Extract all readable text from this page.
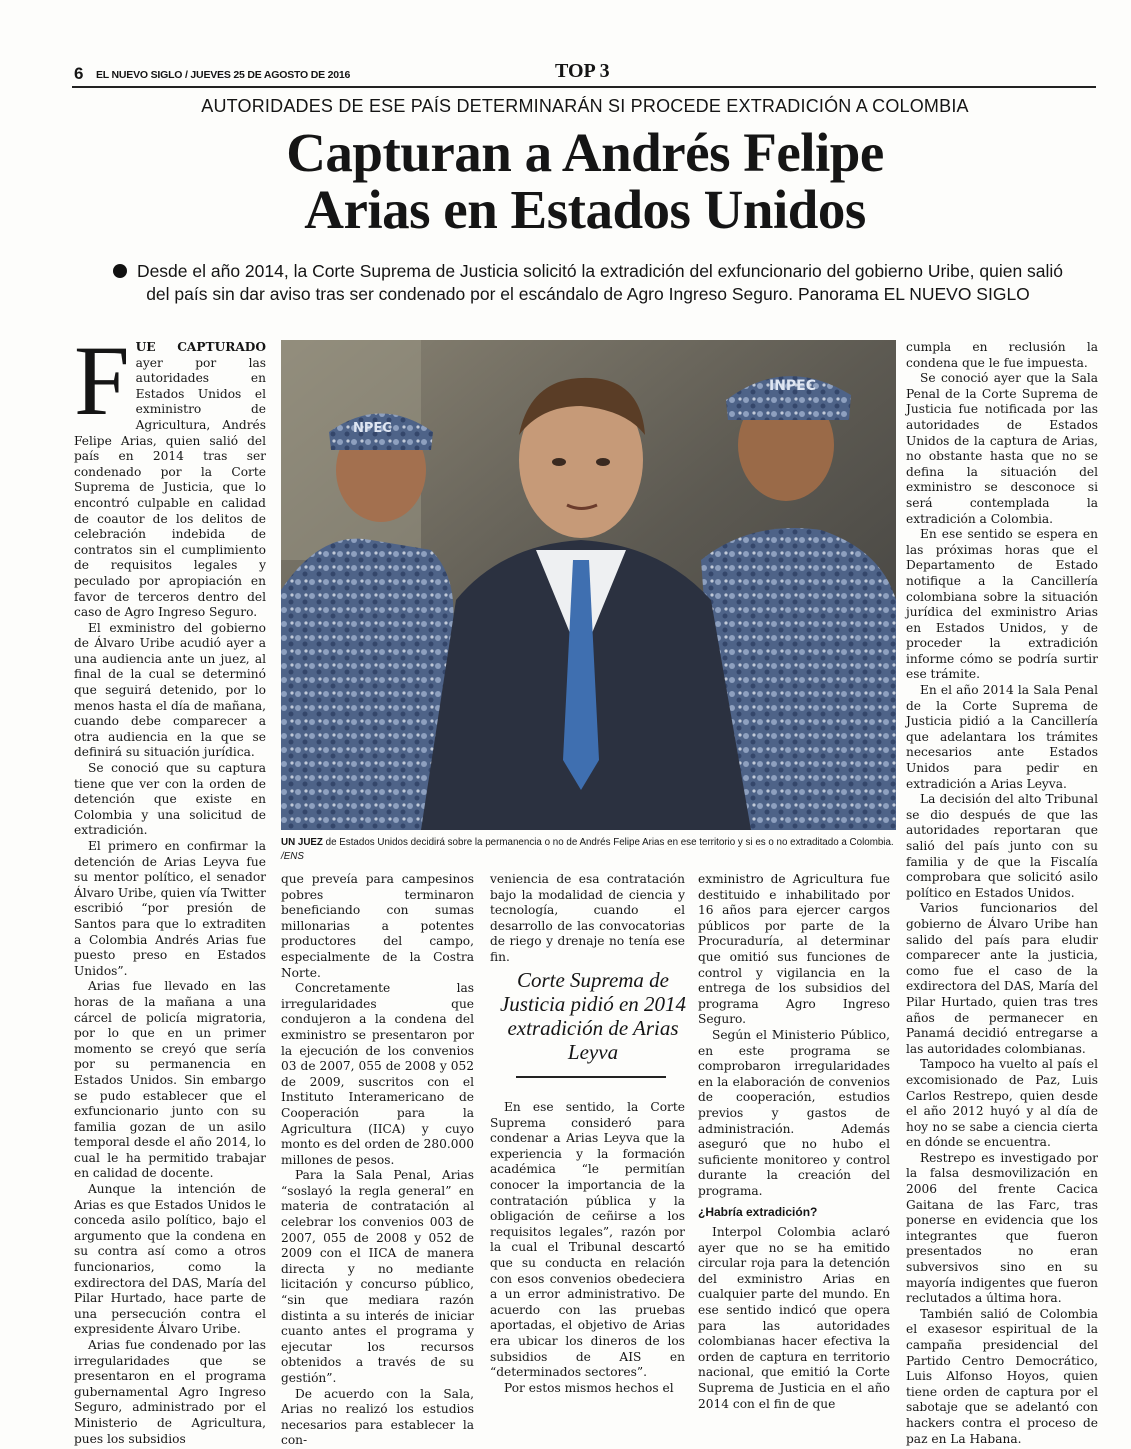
6 EL NUEVO SIGLO / JUEVES 25 DE AGOSTO DE 2016	TOP 3
AUTORIDADES DE ESE PAÍS DETERMINARÁN SI PROCEDE EXTRADICIÓN A COLOMBIA
Capturan a Andrés Felipe
Arias en Estados Unidos
Desde el año 2014, la Corte Suprema de Justicia solicitó la extradición del exfuncionario del gobierno Uribe, quien salió
del país sin dar aviso tras ser condenado por el escándalo de Agro Ingreso Seguro. Panorama EL NUEVO SIGLO

FUE CAPTURADO ayer por las autoridades en Estados Unidos el exministro de Agricultura, Andrés Felipe Arias, quien salió del país en 2014 tras ser condenado por la Corte Suprema de Justicia, que lo encontró culpable en calidad de coautor de los delitos de celebración indebida de contratos sin el cumplimiento de requisitos legales y peculado por apropiación en favor de terceros dentro del caso de Agro Ingreso Seguro.

El exministro del gobierno de Álvaro Uribe acudió ayer a una audiencia ante un juez, al final de la cual se determinó que seguirá detenido, por lo menos hasta el día de mañana, cuando debe comparecer a otra audiencia en la que se definirá su situación jurídica.

Se conoció que su captura tiene que ver con la orden de detención que existe en Colombia y una solicitud de extradición.

El primero en confirmar la detención de Arias Leyva fue su mentor político, el senador Álvaro Uribe, quien vía Twitter escribió “por presión de Santos para que lo extraditen a Colombia Andrés Arias fue puesto preso en Estados Unidos”.

Arias fue llevado en las horas de la mañana a una cárcel de policía migratoria, por lo que en un primer momento se creyó que sería por su permanencia en Estados Unidos. Sin embargo se pudo establecer que el exfuncionario junto con su familia gozan de un asilo temporal desde el año 2014, lo cual le ha permitido trabajar en calidad de docente.

Aunque la intención de Arias es que Estados Unidos le conceda asilo político, bajo el argumento que la condena en su contra así como a otros funcionarios, como la exdirectora del DAS, María del Pilar Hurtado, hace parte de una persecución contra el expresidente Álvaro Uribe.

Arias fue condenado por las irregularidades que se presentaron en el programa gubernamental Agro Ingreso Seguro, administrado por el Ministerio de Agricultura, pues los subsidios

NPEC
INPEC
UN JUEZ de Estados Unidos decidirá sobre la permanencia o no de Andrés Felipe Arias en ese territorio y si es o no extraditado a Colombia. /ENS

que preveía para campesinos pobres terminaron beneficiando con sumas millonarias a potentes productores del campo, especialmente de la Costra Norte.

Concretamente las irregularidades que condujeron a la condena del exministro se presentaron por la ejecución de los convenios 03 de 2007, 055 de 2008 y 052 de 2009, suscritos con el Instituto Interamericano de Cooperación para la Agricultura (IICA) y cuyo monto es del orden de 280.000 millones de pesos.

Para la Sala Penal, Arias “soslayó la regla general” en materia de contratación al celebrar los convenios 003 de 2007, 055 de 2008 y 052 de 2009 con el IICA de manera directa y no mediante licitación y concurso público, “sin que mediara razón distinta a su interés de iniciar cuanto antes el programa y ejecutar los recursos obtenidos a través de su gestión”.

De acuerdo con la Sala, Arias no realizó los estudios necesarios para establecer la con-

veniencia de esa contratación bajo la modalidad de ciencia y tecnología, cuando el desarrollo de las convocatorias de riego y drenaje no tenía ese fin.

Corte Suprema de Justicia pidió en 2014 extradición de Arias Leyva

En ese sentido, la Corte Suprema consideró para condenar a Arias Leyva que la experiencia y la formación académica “le permitían conocer la importancia de la contratación pública y la obligación de ceñirse a los requisitos legales”, razón por la cual el Tribunal descartó que su conducta en relación con esos convenios obedeciera a un error administrativo. De acuerdo con las pruebas aportadas, el objetivo de Arias era ubicar los dineros de los subsidios de AIS en “determinados sectores”.

Por estos mismos hechos el

exministro de Agricultura fue destituido e inhabilitado por 16 años para ejercer cargos públicos por parte de la Procuraduría, al determinar que omitió sus funciones de control y vigilancia en la entrega de los subsidios del programa Agro Ingreso Seguro.

Según el Ministerio Público, en este programa se comprobaron irregularidades en la elaboración de convenios de cooperación, estudios previos y gastos de administración. Además aseguró que no hubo el suficiente monitoreo y control durante la creación del programa.

¿Habría extradición?

Interpol Colombia aclaró ayer que no se ha emitido circular roja para la detención del exministro Arias en cualquier parte del mundo. En ese sentido indicó que opera para las autoridades colombianas hacer efectiva la orden de captura en territorio nacional, que emitió la Corte Suprema de Justicia en el año 2014 con el fin de que

cumpla en reclusión la condena que le fue impuesta.

Se conoció ayer que la Sala Penal de la Corte Suprema de Justicia fue notificada por las autoridades de Estados Unidos de la captura de Arias, no obstante hasta que no se defina la situación del exministro se desconoce si será contemplada la extradición a Colombia.

En ese sentido se espera en las próximas horas que el Departamento de Estado notifique a la Cancillería colombiana sobre la situación jurídica del exministro Arias en Estados Unidos, y de proceder la extradición informe cómo se podría surtir ese trámite.

En el año 2014 la Sala Penal de la Corte Suprema de Justicia pidió a la Cancillería que adelantara los trámites necesarios ante Estados Unidos para pedir en extradición a Arias Leyva.

La decisión del alto Tribunal se dio después de que las autoridades reportaran que salió del país junto con su familia y de que la Fiscalía comprobara que solicitó asilo político en Estados Unidos.

Varios funcionarios del gobierno de Álvaro Uribe han salido del país para eludir comparecer ante la justicia, como fue el caso de la exdirectora del DAS, María del Pilar Hurtado, quien tras tres años de permanecer en Panamá decidió entregarse a las autoridades colombianas.

Tampoco ha vuelto al país el excomisionado de Paz, Luis Carlos Restrepo, quien desde el año 2012 huyó y al día de hoy no se sabe a ciencia cierta en dónde se encuentra.

Restrepo es investigado por la falsa desmovilización en 2006 del frente Cacica Gaitana de las Farc, tras ponerse en evidencia que los integrantes que fueron presentados no eran subversivos sino en su mayoría indigentes que fueron reclutados a última hora.

También salió de Colombia el exasesor espiritual de la campaña presidencial del Partido Centro Democrático, Luis Alfonso Hoyos, quien tiene orden de captura por el sabotaje que se adelantó con hackers contra el proceso de paz en La Habana.
